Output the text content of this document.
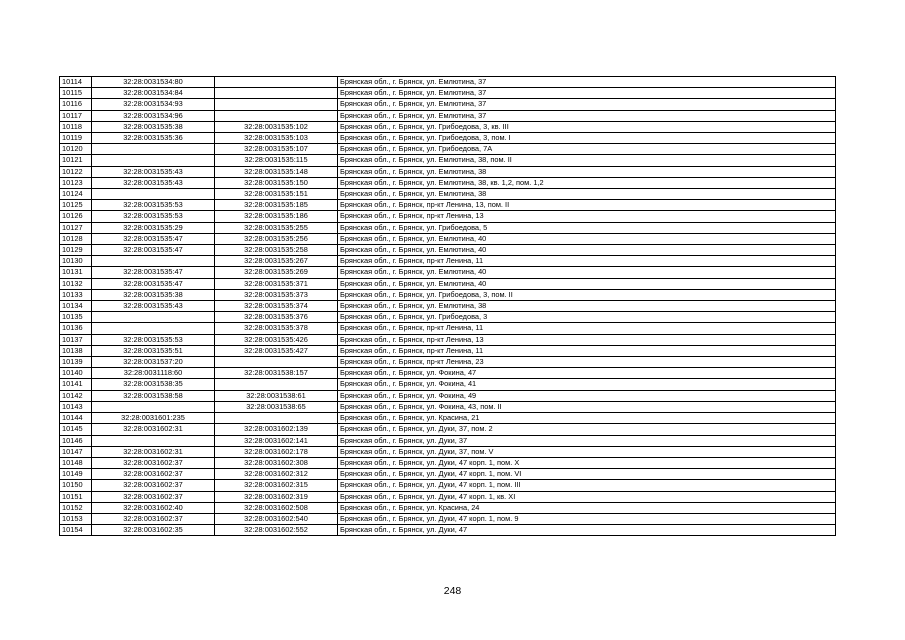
10114	32:28:0031534:80		Брянская обл., г. Брянск, ул. Емлютина, 37
10115	32:28:0031534:84		Брянская обл., г. Брянск, ул. Емлютина, 37
10116	32:28:0031534:93		Брянская обл., г. Брянск, ул. Емлютина, 37
10117	32:28:0031534:96		Брянская обл., г. Брянск, ул. Емлютина, 37
10118	32:28:0031535:38	32:28:0031535:102	Брянская обл., г. Брянск, ул. Грибоедова, 3, кв. III
10119	32:28:0031535:36	32:28:0031535:103	Брянская обл., г. Брянск, ул. Грибоедова, 3, пом. I
10120		32:28:0031535:107	Брянская обл., г. Брянск, ул. Грибоедова, 7А
10121		32:28:0031535:115	Брянская обл., г. Брянск, ул. Емлютина, 38, пом. II
10122	32:28:0031535:43	32:28:0031535:148	Брянская обл., г. Брянск, ул. Емлютина, 38
10123	32:28:0031535:43	32:28:0031535:150	Брянская обл., г. Брянск, ул. Емлютина, 38, кв. 1,2, пом. 1,2
10124		32:28:0031535:151	Брянская обл., г. Брянск, ул. Емлютина, 38
10125	32:28:0031535:53	32:28:0031535:185	Брянская обл., г. Брянск, пр-кт Ленина, 13, пом. II
10126	32:28:0031535:53	32:28:0031535:186	Брянская обл., г. Брянск, пр-кт Ленина, 13
10127	32:28:0031535:29	32:28:0031535:255	Брянская обл., г. Брянск, ул. Грибоедова, 5
10128	32:28:0031535:47	32:28:0031535:256	Брянская обл., г. Брянск, ул. Емлютина, 40
10129	32:28:0031535:47	32:28:0031535:258	Брянская обл., г. Брянск, ул. Емлютина, 40
10130		32:28:0031535:267	Брянская обл., г. Брянск, пр-кт Ленина, 11
10131	32:28:0031535:47	32:28:0031535:269	Брянская обл., г. Брянск, ул. Емлютина, 40
10132	32:28:0031535:47	32:28:0031535:371	Брянская обл., г. Брянск, ул. Емлютина, 40
10133	32:28:0031535:38	32:28:0031535:373	Брянская обл., г. Брянск, ул. Грибоедова, 3, пом. II
10134	32:28:0031535:43	32:28:0031535:374	Брянская обл., г. Брянск, ул. Емлютина, 38
10135		32:28:0031535:376	Брянская обл., г. Брянск, ул. Грибоедова, 3
10136		32:28:0031535:378	Брянская обл., г. Брянск, пр-кт Ленина, 11
10137	32:28:0031535:53	32:28:0031535:426	Брянская обл., г. Брянск, пр-кт Ленина, 13
10138	32:28:0031535:51	32:28:0031535:427	Брянская обл., г. Брянск, пр-кт Ленина, 11
10139	32:28:0031537:20		Брянская обл., г. Брянск, пр-кт Ленина, 23
10140	32:28:0031118:60	32:28:0031538:157	Брянская обл., г. Брянск, ул. Фокина, 47
10141	32:28:0031538:35		Брянская обл., г. Брянск, ул. Фокина, 41
10142	32:28:0031538:58	32:28:0031538:61	Брянская обл., г. Брянск, ул. Фокина, 49
10143		32:28:0031538:65	Брянская обл., г. Брянск, ул. Фокина, 43, пом. II
10144	32:28:0031601:235		Брянская обл., г. Брянск, ул. Красина, 21
10145	32:28:0031602:31	32:28:0031602:139	Брянская обл., г. Брянск, ул. Дуки, 37, пом. 2
10146		32:28:0031602:141	Брянская обл., г. Брянск, ул. Дуки, 37
10147	32:28:0031602:31	32:28:0031602:178	Брянская обл., г. Брянск, ул. Дуки, 37, пом. V
10148	32:28:0031602:37	32:28:0031602:308	Брянская обл., г. Брянск, ул. Дуки, 47 корп. 1, пом. X
10149	32:28:0031602:37	32:28:0031602:312	Брянская обл., г. Брянск, ул. Дуки, 47 корп. 1, пом. VI
10150	32:28:0031602:37	32:28:0031602:315	Брянская обл., г. Брянск, ул. Дуки, 47 корп. 1, пом. III
10151	32:28:0031602:37	32:28:0031602:319	Брянская обл., г. Брянск, ул. Дуки, 47 корп. 1, кв. XI
10152	32:28:0031602:40	32:28:0031602:508	Брянская обл., г. Брянск, ул. Красина, 24
10153	32:28:0031602:37	32:28:0031602:540	Брянская обл., г. Брянск, ул. Дуки, 47 корп. 1, пом. 9
10154	32:28:0031602:35	32:28:0031602:552	Брянская обл., г. Брянск, ул. Дуки, 47
248
